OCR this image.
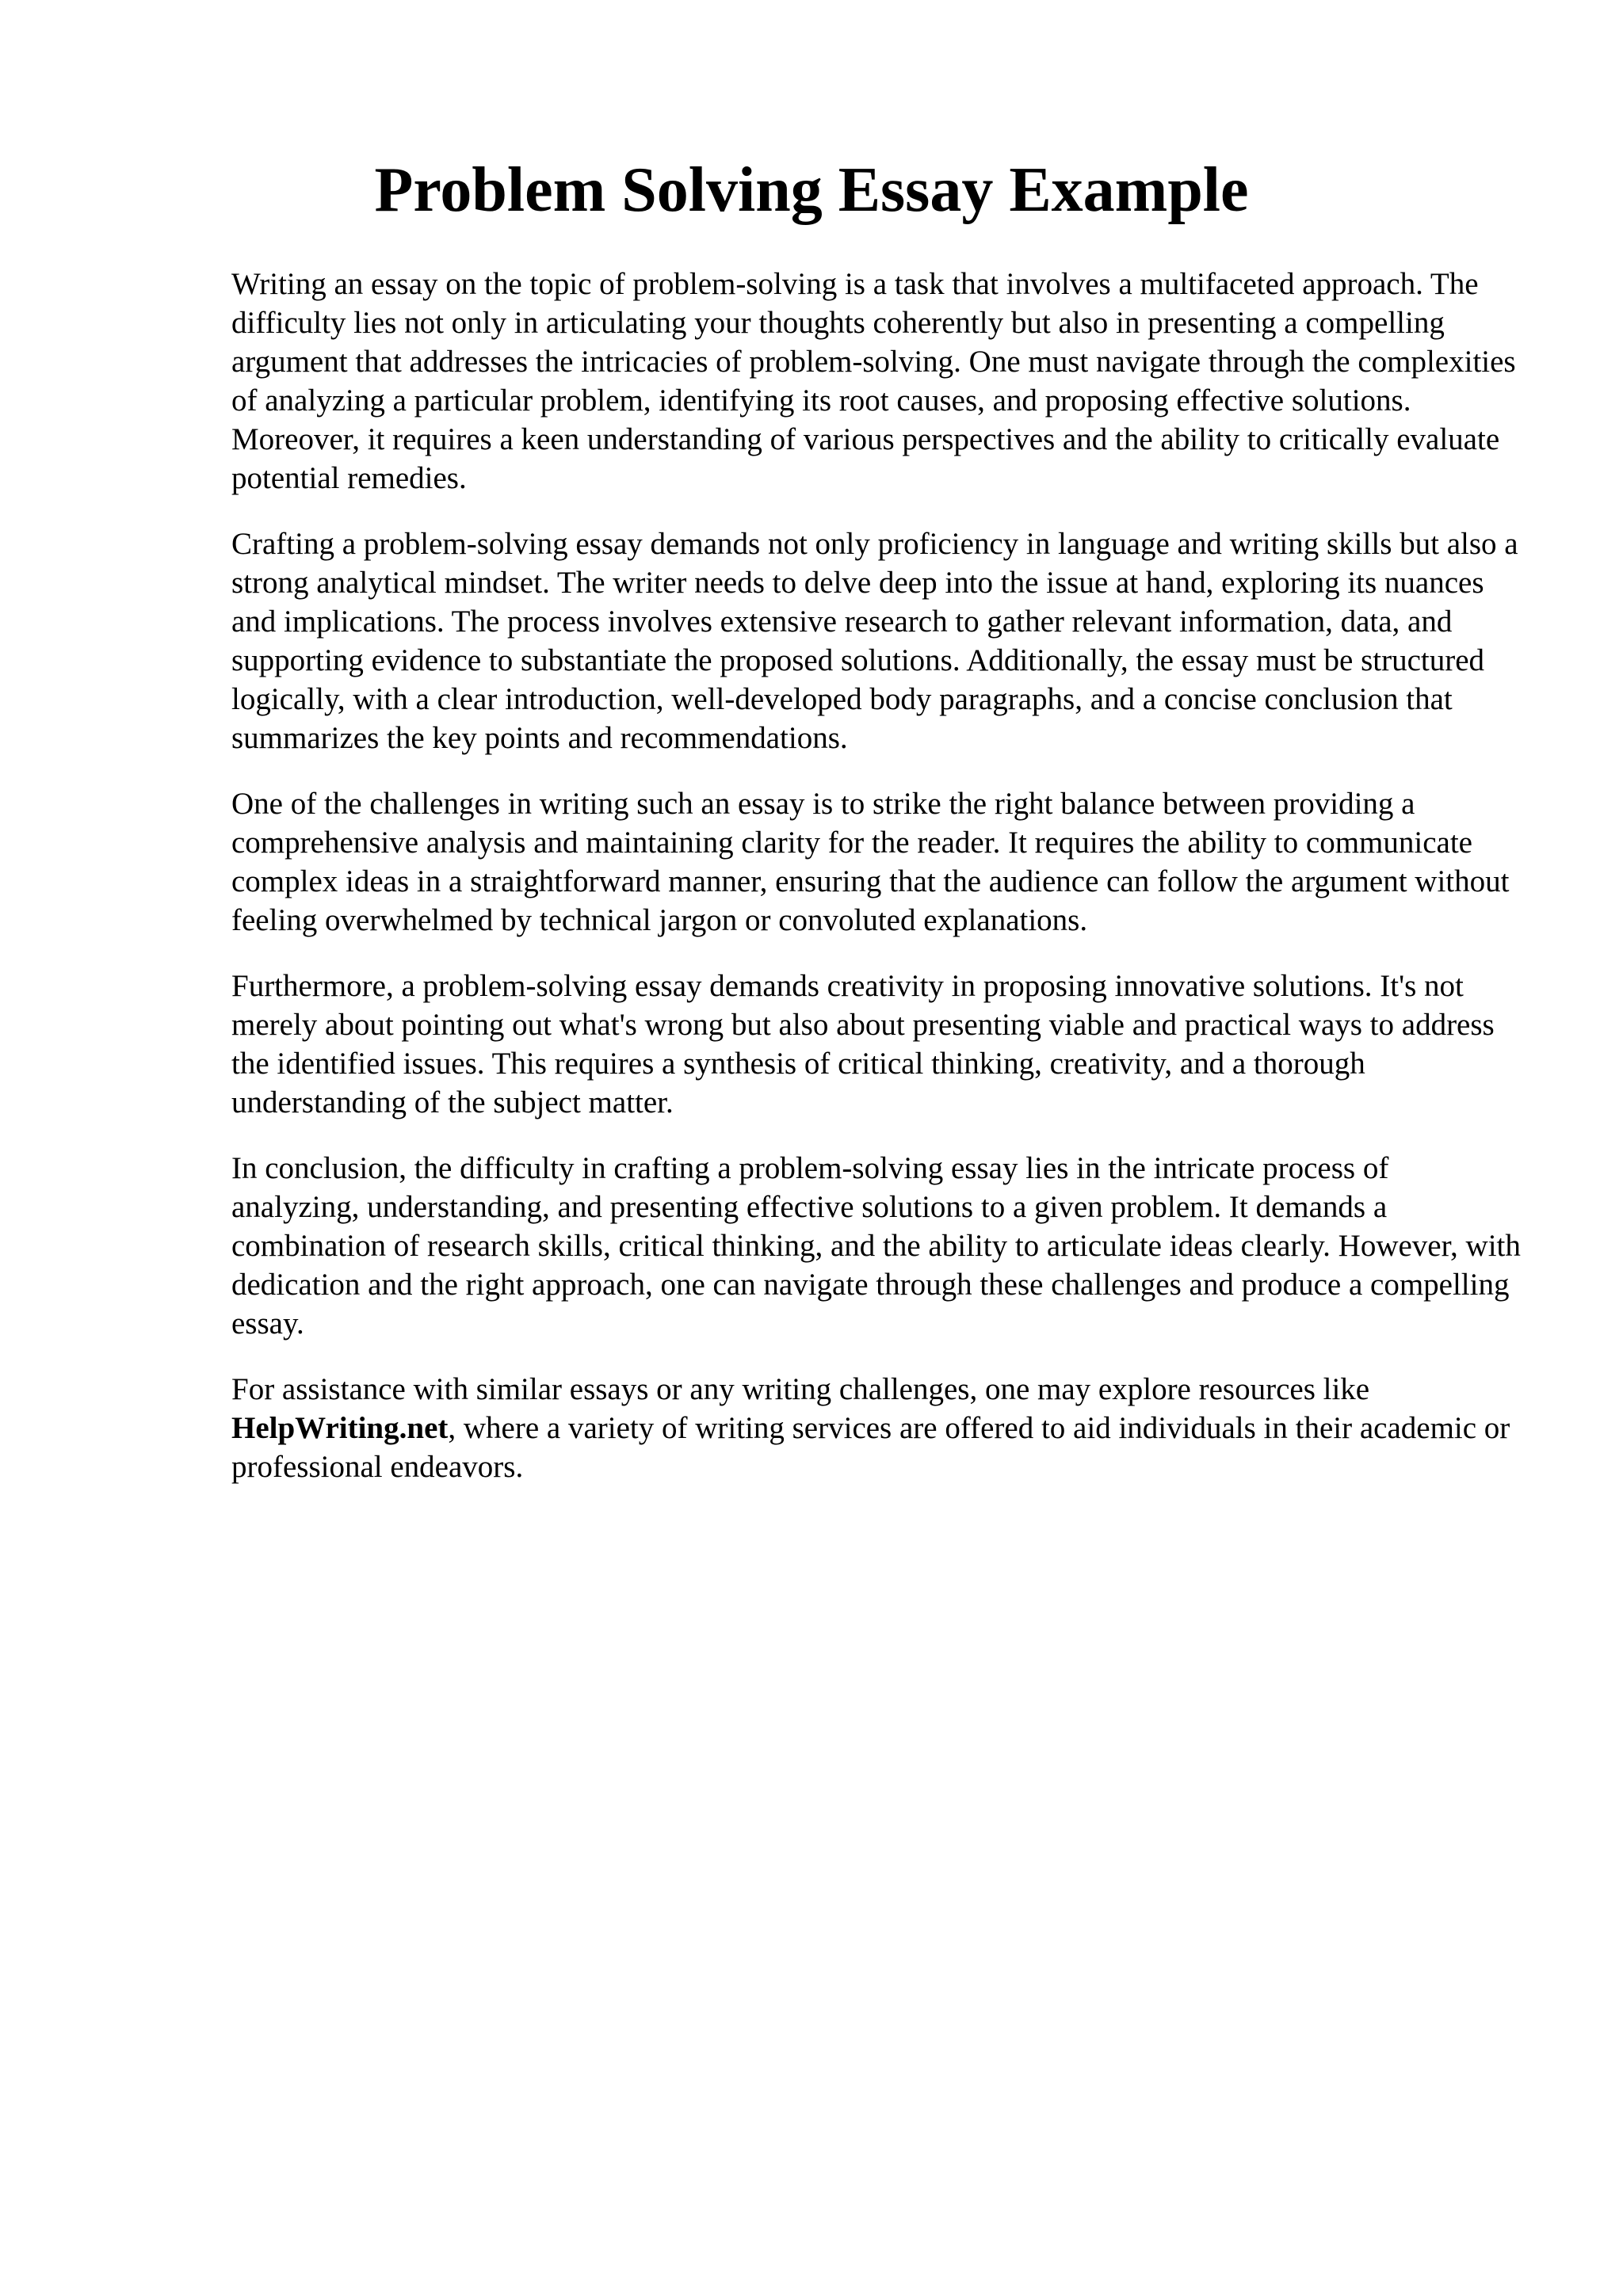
Problem Solving Essay Example

Writing an essay on the topic of problem-solving is a task that involves a multifaceted approach. The difficulty lies not only in articulating your thoughts coherently but also in presenting a compelling argument that addresses the intricacies of problem-solving. One must navigate through the complexities of analyzing a particular problem, identifying its root causes, and proposing effective solutions. Moreover, it requires a keen understanding of various perspectives and the ability to critically evaluate potential remedies.

Crafting a problem-solving essay demands not only proficiency in language and writing skills but also a strong analytical mindset. The writer needs to delve deep into the issue at hand, exploring its nuances and implications. The process involves extensive research to gather relevant information, data, and supporting evidence to substantiate the proposed solutions. Additionally, the essay must be structured logically, with a clear introduction, well-developed body paragraphs, and a concise conclusion that summarizes the key points and recommendations.

One of the challenges in writing such an essay is to strike the right balance between providing a comprehensive analysis and maintaining clarity for the reader. It requires the ability to communicate complex ideas in a straightforward manner, ensuring that the audience can follow the argument without feeling overwhelmed by technical jargon or convoluted explanations.

Furthermore, a problem-solving essay demands creativity in proposing innovative solutions. It's not merely about pointing out what's wrong but also about presenting viable and practical ways to address the identified issues. This requires a synthesis of critical thinking, creativity, and a thorough understanding of the subject matter.

In conclusion, the difficulty in crafting a problem-solving essay lies in the intricate process of analyzing, understanding, and presenting effective solutions to a given problem. It demands a combination of research skills, critical thinking, and the ability to articulate ideas clearly. However, with dedication and the right approach, one can navigate through these challenges and produce a compelling essay.

For assistance with similar essays or any writing challenges, one may explore resources like HelpWriting.net, where a variety of writing services are offered to aid individuals in their academic or professional endeavors.
